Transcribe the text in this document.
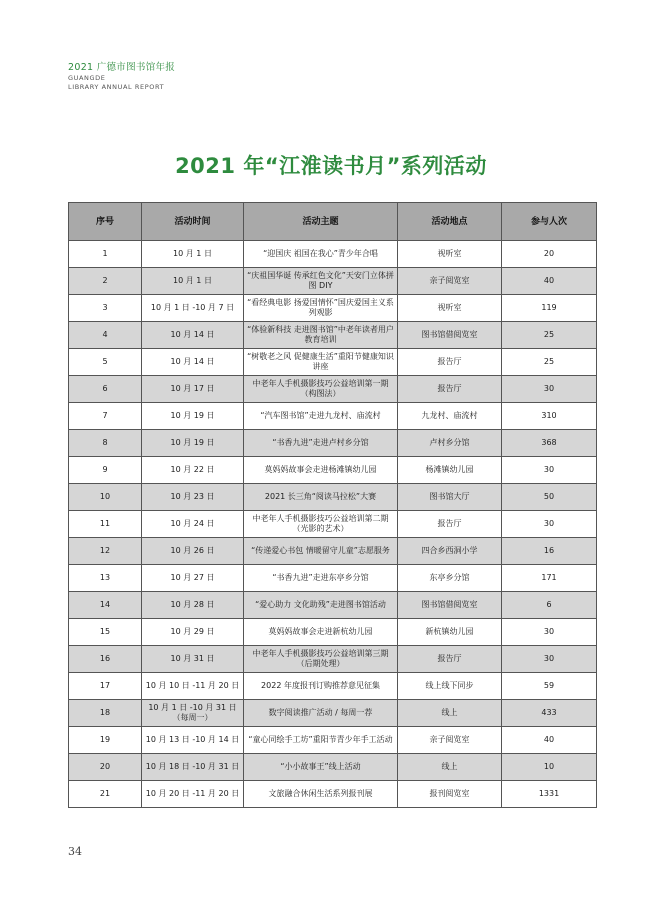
2021 广德市图书馆年报
GUANGDE
LIBRARY ANNUAL REPORT
2021 年“江淮读书月”系列活动
序号	活动时间	活动主题	活动地点	参与人次
1	10 月 1 日	“迎国庆 祖国在我心”青少年合唱	视听室	20
2	10 月 1 日	“庆祖国华诞 传承红色文化”天安门立体拼图 DIY	亲子阅览室	40
3	10 月 1 日 -10 月 7 日	“看经典电影 扬爱国情怀”国庆爱国主义系列观影	视听室	119
4	10 月 14 日	“体验新科技 走进图书馆”中老年读者用户教育培训	图书馆借阅览室	25
5	10 月 14 日	“树敬老之风 促健康生活”重阳节健康知识讲座	报告厅	25
6	10 月 17 日	中老年人手机摄影技巧公益培训第一期（构图法）	报告厅	30
7	10 月 19 日	“汽车图书馆”走进九龙村、庙流村	九龙村、庙流村	310
8	10 月 19 日	“书香九进”走进卢村乡分馆	卢村乡分馆	368
9	10 月 22 日	莫妈妈故事会走进杨滩镇幼儿园	杨滩镇幼儿园	30
10	10 月 23 日	2021 长三角“阅读马拉松”大赛	图书馆大厅	50
11	10 月 24 日	中老年人手机摄影技巧公益培训第二期（光影的艺术）	报告厅	30
12	10 月 26 日	“传递爱心书包 情暖留守儿童”志愿服务	四合乡西洞小学	16
13	10 月 27 日	“书香九进”走进东亭乡分馆	东亭乡分馆	171
14	10 月 28 日	“爱心助力 文化助残”走进图书馆活动	图书馆借阅览室	6
15	10 月 29 日	莫妈妈故事会走进新杭幼儿园	新杭镇幼儿园	30
16	10 月 31 日	中老年人手机摄影技巧公益培训第三期（后期处理）	报告厅	30
17	10 月 10 日 -11 月 20 日	2022 年度报刊订购推荐意见征集	线上线下同步	59
18	10 月 1 日 -10 月 31 日（每周一）	数字阅读推广活动 / 每周一荐	线上	433
19	10 月 13 日 -10 月 14 日	“童心同绘手工坊”重阳节青少年手工活动	亲子阅览室	40
20	10 月 18 日 -10 月 31 日	“小小故事王”线上活动	线上	10
21	10 月 20 日 -11 月 20 日	文旅融合休闲生活系列报刊展	报刊阅览室	1331
34
